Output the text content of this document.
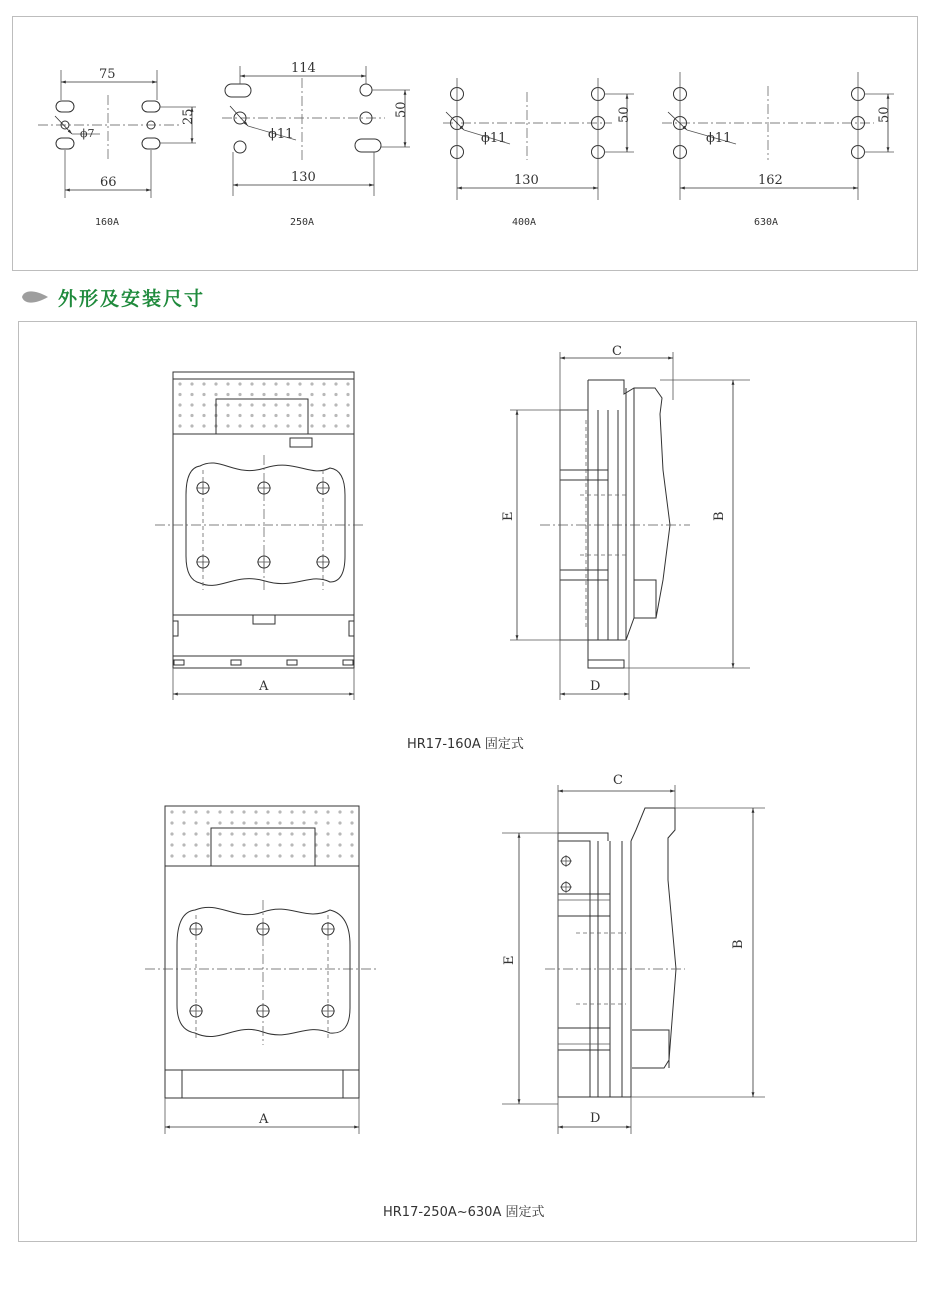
外形及安装尺寸
75
66
25
ϕ7
160A
114
130
50
ϕ11
250A
130
50
ϕ11
400A
162
50
ϕ11
630A
A
C
D
E	B
HR17-160A 固定式
A
C
D
E
B
HR17-250A~630A 固定式
